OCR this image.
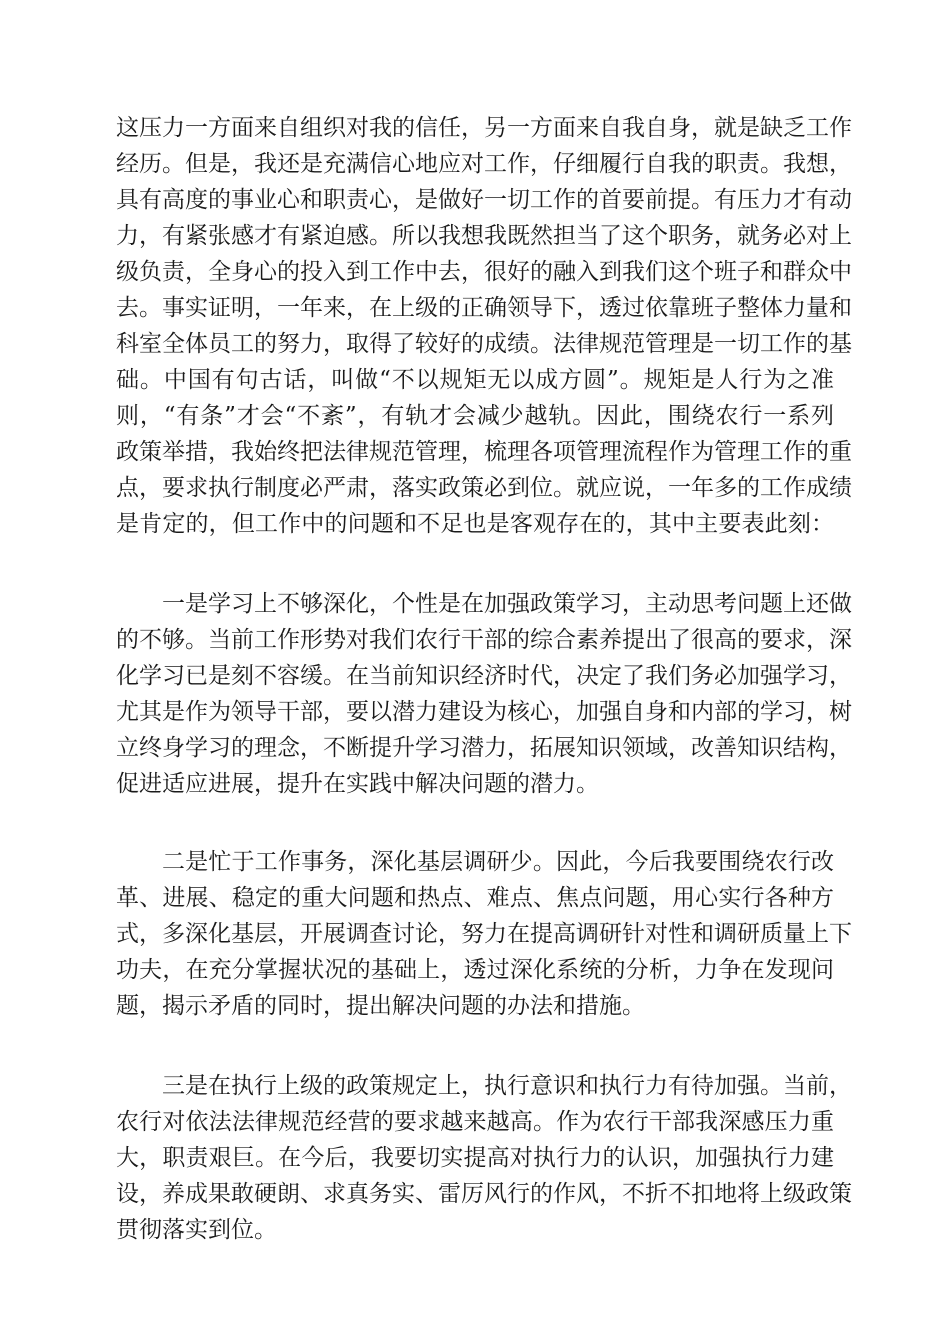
这压力一方面来自组织对我的信任，另一方面来自我自身，就是缺乏工作
经历。但是，我还是充满信心地应对工作，仔细履行自我的职责。我想，
具有高度的事业心和职责心，是做好一切工作的首要前提。有压力才有动
力，有紧张感才有紧迫感。所以我想我既然担当了这个职务，就务必对上
级负责，全身心的投入到工作中去，很好的融入到我们这个班子和群众中
去。事实证明，一年来，在上级的正确领导下，透过依靠班子整体力量和
科室全体员工的努力，取得了较好的成绩。法律规范管理是一切工作的基
础。中国有句古话，叫做“不以规矩无以成方圆”。规矩是人行为之准
则，“有条”才会“不紊”，有轨才会减少越轨。因此，围绕农行一系列
政策举措，我始终把法律规范管理，梳理各项管理流程作为管理工作的重
点，要求执行制度必严肃，落实政策必到位。就应说，一年多的工作成绩
是肯定的，但工作中的问题和不足也是客观存在的，其中主要表此刻：
一是学习上不够深化，个性是在加强政策学习，主动思考问题上还做
的不够。当前工作形势对我们农行干部的综合素养提出了很高的要求，深
化学习已是刻不容缓。在当前知识经济时代，决定了我们务必加强学习，
尤其是作为领导干部，要以潜力建设为核心，加强自身和内部的学习，树
立终身学习的理念，不断提升学习潜力，拓展知识领域，改善知识结构，
促进适应进展，提升在实践中解决问题的潜力。
二是忙于工作事务，深化基层调研少。因此，今后我要围绕农行改
革、进展、稳定的重大问题和热点、难点、焦点问题，用心实行各种方
式，多深化基层，开展调查讨论，努力在提高调研针对性和调研质量上下
功夫，在充分掌握状况的基础上，透过深化系统的分析，力争在发现问
题，揭示矛盾的同时，提出解决问题的办法和措施。
三是在执行上级的政策规定上，执行意识和执行力有待加强。当前，
农行对依法法律规范经营的要求越来越高。作为农行干部我深感压力重
大，职责艰巨。在今后，我要切实提高对执行力的认识，加强执行力建
设，养成果敢硬朗、求真务实、雷厉风行的作风，不折不扣地将上级政策
贯彻落实到位。
